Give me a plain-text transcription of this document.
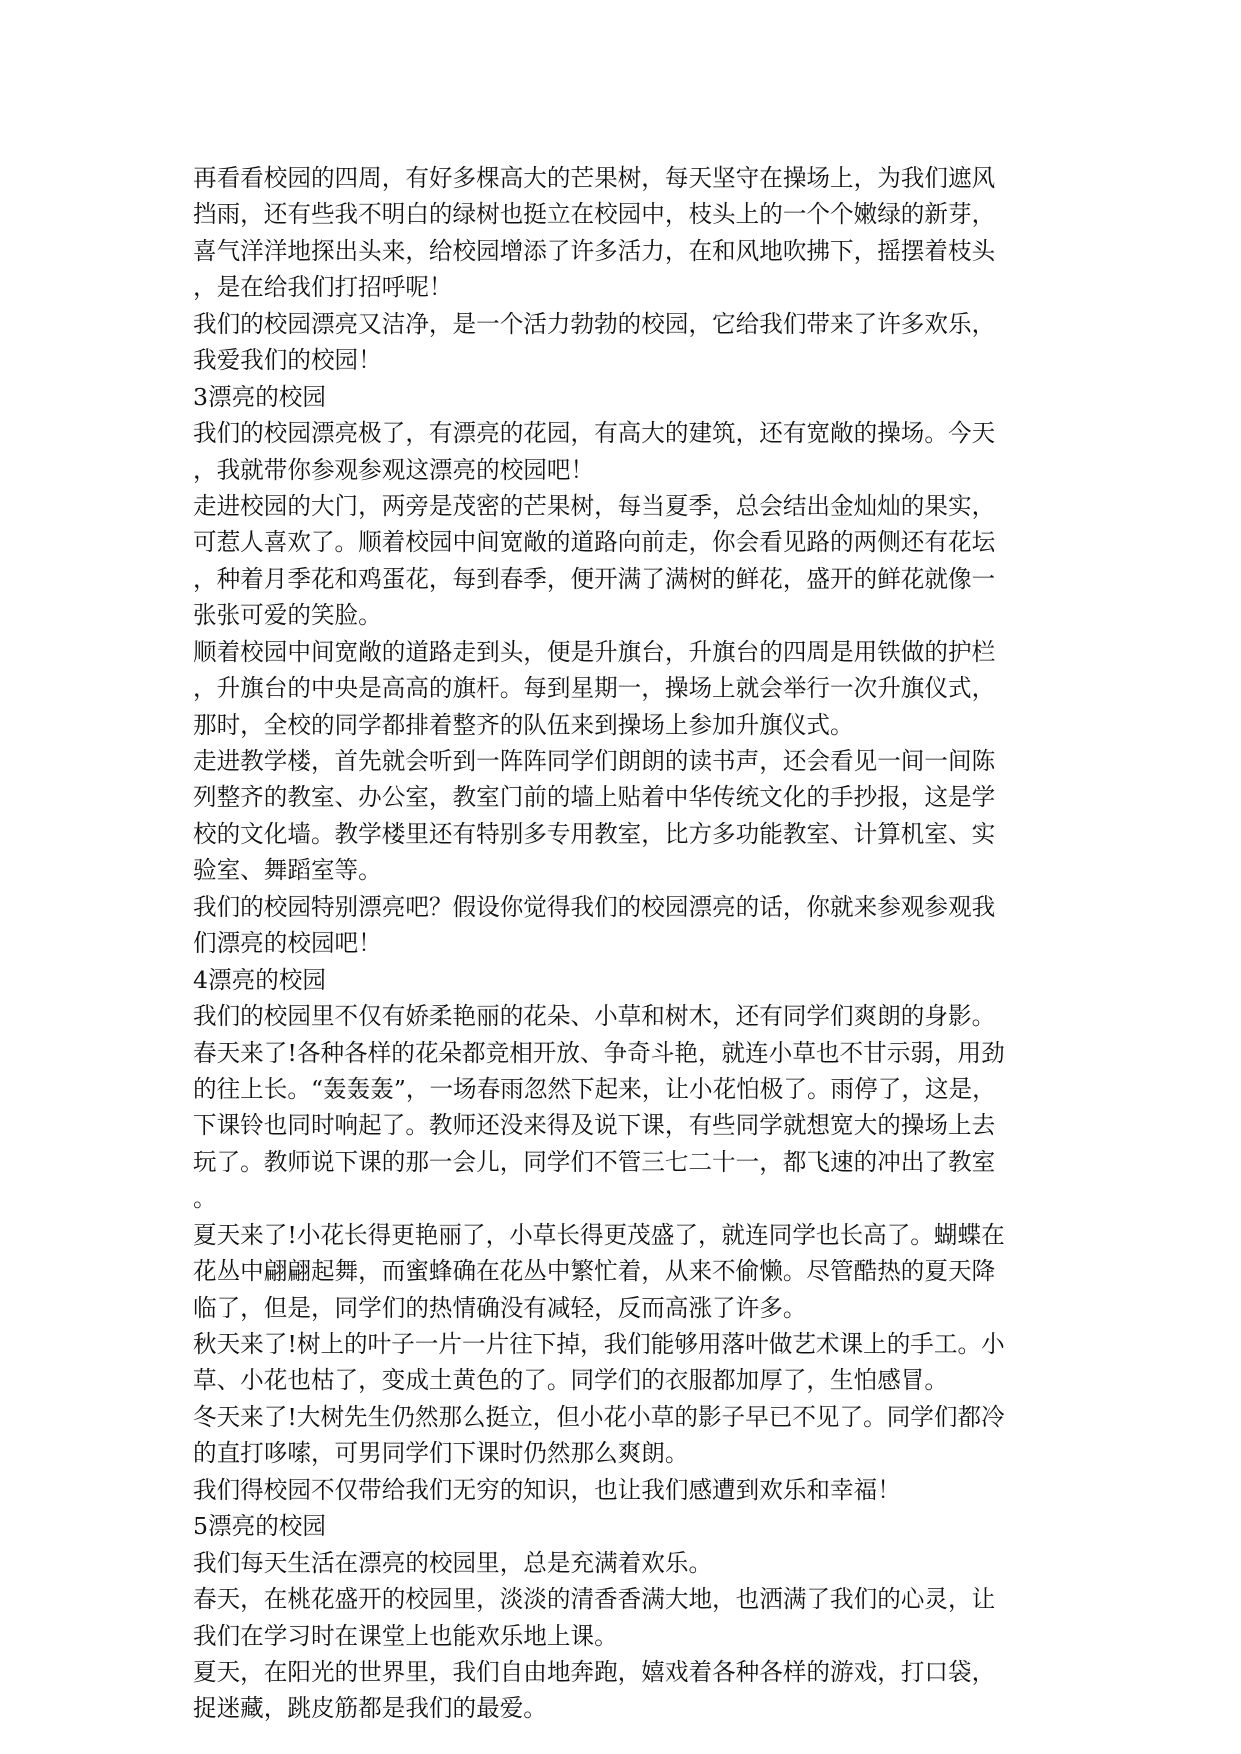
再看看校园的四周，有好多棵高大的芒果树，每天坚守在操场上，为我们遮风
挡雨，还有些我不明白的绿树也挺立在校园中，枝头上的一个个嫩绿的新芽，
喜气洋洋地探出头来，给校园增添了许多活力，在和风地吹拂下，摇摆着枝头
，是在给我们打招呼呢！
我们的校园漂亮又洁净，是一个活力勃勃的校园，它给我们带来了许多欢乐，
我爱我们的校园！
3漂亮的校园
我们的校园漂亮极了，有漂亮的花园，有高大的建筑，还有宽敞的操场。今天
，我就带你参观参观这漂亮的校园吧！
走进校园的大门，两旁是茂密的芒果树，每当夏季，总会结出金灿灿的果实，
可惹人喜欢了。顺着校园中间宽敞的道路向前走，你会看见路的两侧还有花坛
，种着月季花和鸡蛋花，每到春季，便开满了满树的鲜花，盛开的鲜花就像一
张张可爱的笑脸。
顺着校园中间宽敞的道路走到头，便是升旗台，升旗台的四周是用铁做的护栏
，升旗台的中央是高高的旗杆。每到星期一，操场上就会举行一次升旗仪式，
那时，全校的同学都排着整齐的队伍来到操场上参加升旗仪式。
走进教学楼，首先就会听到一阵阵同学们朗朗的读书声，还会看见一间一间陈
列整齐的教室、办公室，教室门前的墙上贴着中华传统文化的手抄报，这是学
校的文化墙。教学楼里还有特别多专用教室，比方多功能教室、计算机室、实
验室、舞蹈室等。
我们的校园特别漂亮吧？假设你觉得我们的校园漂亮的话，你就来参观参观我
们漂亮的校园吧！
4漂亮的校园
我们的校园里不仅有娇柔艳丽的花朵、小草和树木，还有同学们爽朗的身影。
春天来了!各种各样的花朵都竞相开放、争奇斗艳，就连小草也不甘示弱，用劲
的往上长。“轰轰轰”，一场春雨忽然下起来，让小花怕极了。雨停了，这是，
下课铃也同时响起了。教师还没来得及说下课，有些同学就想宽大的操场上去
玩了。教师说下课的那一会儿，同学们不管三七二十一，都飞速的冲出了教室
。
夏天来了!小花长得更艳丽了，小草长得更茂盛了，就连同学也长高了。蝴蝶在
花丛中翩翩起舞，而蜜蜂确在花丛中繁忙着，从来不偷懒。尽管酷热的夏天降
临了，但是，同学们的热情确没有减轻，反而高涨了许多。
秋天来了!树上的叶子一片一片往下掉，我们能够用落叶做艺术课上的手工。小
草、小花也枯了，变成土黄色的了。同学们的衣服都加厚了，生怕感冒。
冬天来了!大树先生仍然那么挺立，但小花小草的影子早已不见了。同学们都冷
的直打哆嗦，可男同学们下课时仍然那么爽朗。
我们得校园不仅带给我们无穷的知识，也让我们感遭到欢乐和幸福！
5漂亮的校园
我们每天生活在漂亮的校园里，总是充满着欢乐。
春天，在桃花盛开的校园里，淡淡的清香香满大地，也洒满了我们的心灵，让
我们在学习时在课堂上也能欢乐地上课。
夏天，在阳光的世界里，我们自由地奔跑，嬉戏着各种各样的游戏，打口袋，
捉迷藏，跳皮筋都是我们的最爱。
